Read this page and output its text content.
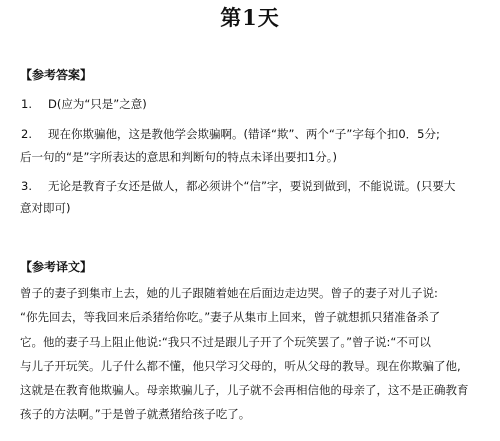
第1天
【参考答案】
1. D(应为“只是”之意)
2. 现在你欺骗他，这是教他学会欺骗啊。(错译“欺”、两个“子”字每个扣0．5分;
后一句的“是”字所表达的意思和判断句的特点未译出要扣1分。)
3. 无论是教育子女还是做人，都必须讲个“信”字，要说到做到，不能说谎。(只要大
意对即可)
【参考译文】
曾子的妻子到集市上去，她的儿子跟随着她在后面边走边哭。曾子的妻子对儿子说:
“你先回去，等我回来后杀猪给你吃。”妻子从集市上回来，曾子就想抓只猪准备杀了
它。他的妻子马上阻止他说:“我只不过是跟儿子开了个玩笑罢了。”曾子说:“不可以
与儿子开玩笑。儿子什么都不懂，他只学习父母的，听从父母的教导。现在你欺骗了他,
这就是在教育他欺骗人。母亲欺骗儿子，儿子就不会再相信他的母亲了，这不是正确教育
孩子的方法啊。”于是曾子就煮猪给孩子吃了。
